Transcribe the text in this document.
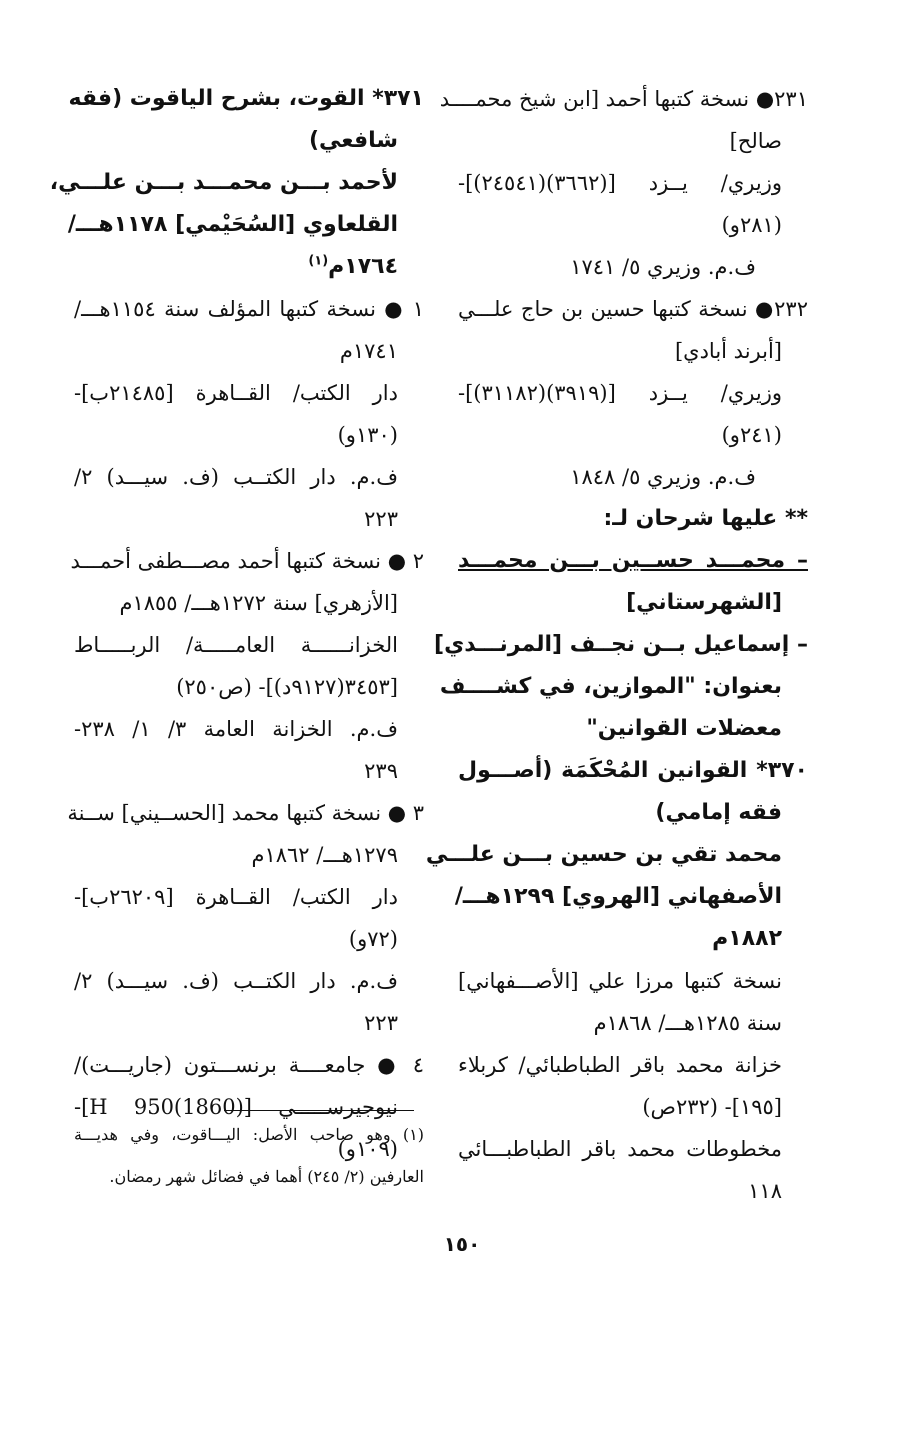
٢٣١● نسخة كتبها أحمد [ابن شيخ محمــــد
صالح]
وزيري/ يــزد [(٣٦٦٢)(٢٤٥٤١)]-
(٢٨١و)
ف.م. وزيري ٥/ ١٧٤١
٢٣٢● نسخة كتبها حسين بن حاج علـــي
[أبرند أبادي]
وزيري/ يــزد [(٣٩١٩)(٣١١٨٢)]-
(٢٤١و)
ف.م. وزيري ٥/ ١٨٤٨
** عليها شرحان لـ:
– محمـــد حســين بـــن محمـــد
[الشهرستاني]
– إسماعيل بــن نجــف [المرنـــدي]
بعنوان: "الموازين، في كشــــف
معضلات القوانين"
٣٧٠* القوانين المُحْكَمَة (أصـــول
فقه إمامي)
محمد تقي بن حسين بـــن علـــي
الأصفهاني [الهروي] ١٢٩٩هـــ/
١٨٨٢م
نسخة كتبها مرزا علي [الأصـــفهاني]
سنة ١٢٨٥هـــ/ ١٨٦٨م
خزانة محمد باقر الطباطبائي/ كربلاء
[١٩٥]- (٢٣٢ص)
مخطوطات محمد باقر الطباطبـــائي
١١٨
٣٧١* القوت، بشرح الياقوت (فقه
شافعي)
لأحمد بـــن محمـــد بـــن علـــي،
القلعاوي [السُحَيْمي] ١١٧٨هـــ/
١٧٦٤م$^{(١)}$
١ ● نسخة كتبها المؤلف سنة ١١٥٤هـــ/
١٧٤١م
دار الكتب/ القــاهرة [٢١٤٨٥ب]-
(١٣٠و)
ف.م. دار الكتــب (ف. سيـــد) ٢/
٢٢٣
٢ ● نسخة كتبها أحمد مصـــطفى أحمـــد
[الأزهري] سنة ١٢٧٢هـــ/ ١٨٥٥م
الخزانــــــة العامـــــة/ الربـــــاط
[٣٤٥٣(٩١٢٧د)]- (ص٢٥٠)
ف.م. الخزانة العامة ٣/ ١/ ٢٣٨-
٢٣٩
٣ ● نسخة كتبها محمد [الحســيني] ســنة
١٢٧٩هـــ/ ١٨٦٢م
دار الكتب/ القــاهرة [٢٦٢٠٩ب]-
(٧٢و)
ف.م. دار الكتــب (ف. سيـــد) ٢/
٢٢٣
٤ ● جامعــــة برنســـتون (جاريـــت)/
نيوجيرســـــي [H 950(1860)]-
(١٠٩و)
(١) وهو صاحب الأصل: اليـــاقوت، وفي هديـــة
العارفين (٢/ ٢٤٥) أهما في فضائل شهر رمضان.
١٥٠
